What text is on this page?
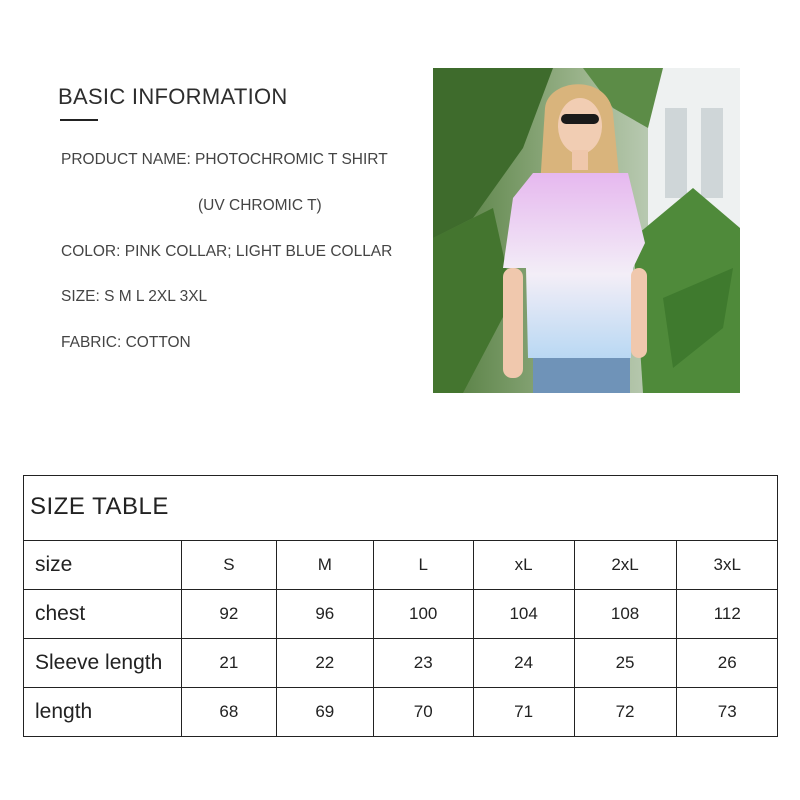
BASIC INFORMATION
PRODUCT NAME: PHOTOCHROMIC T SHIRT
(UV CHROMIC T)
COLOR: PINK COLLAR; LIGHT BLUE COLLAR
SIZE: S M L 2XL 3XL
FABRIC: COTTON
SIZE TABLE
size	S	M	L	xL	2xL	3xL
chest	92	96	100	104	108	112
Sleeve length	21	22	23	24	25	26
length	68	69	70	71	72	73
